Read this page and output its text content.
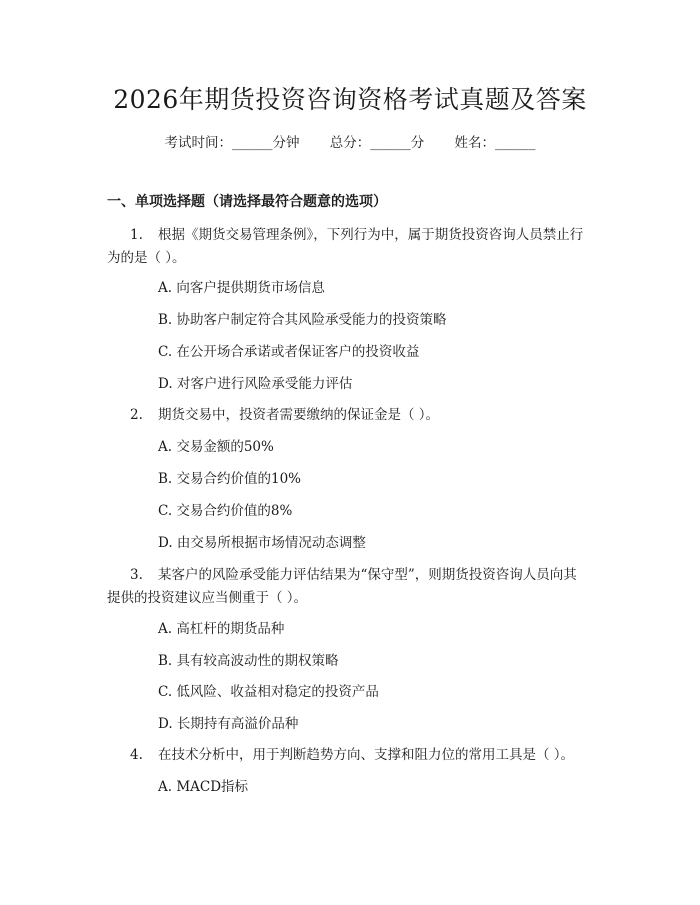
2026年期货投资咨询资格考试真题及答案
考试时间：______分钟 总分：______分 姓名：______
一、单项选择题（请选择最符合题意的选项）
1. 根据《期货交易管理条例》，下列行为中，属于期货投资咨询人员禁止行
为的是（ ）。
A. 向客户提供期货市场信息
B. 协助客户制定符合其风险承受能力的投资策略
C. 在公开场合承诺或者保证客户的投资收益
D. 对客户进行风险承受能力评估
2. 期货交易中，投资者需要缴纳的保证金是（ ）。
A. 交易金额的50%
B. 交易合约价值的10%
C. 交易合约价值的8%
D. 由交易所根据市场情况动态调整
3. 某客户的风险承受能力评估结果为“保守型”，则期货投资咨询人员向其
提供的投资建议应当侧重于（ ）。
A. 高杠杆的期货品种
B. 具有较高波动性的期权策略
C. 低风险、收益相对稳定的投资产品
D. 长期持有高溢价品种
4. 在技术分析中，用于判断趋势方向、支撑和阻力位的常用工具是（ ）。
A. MACD指标
